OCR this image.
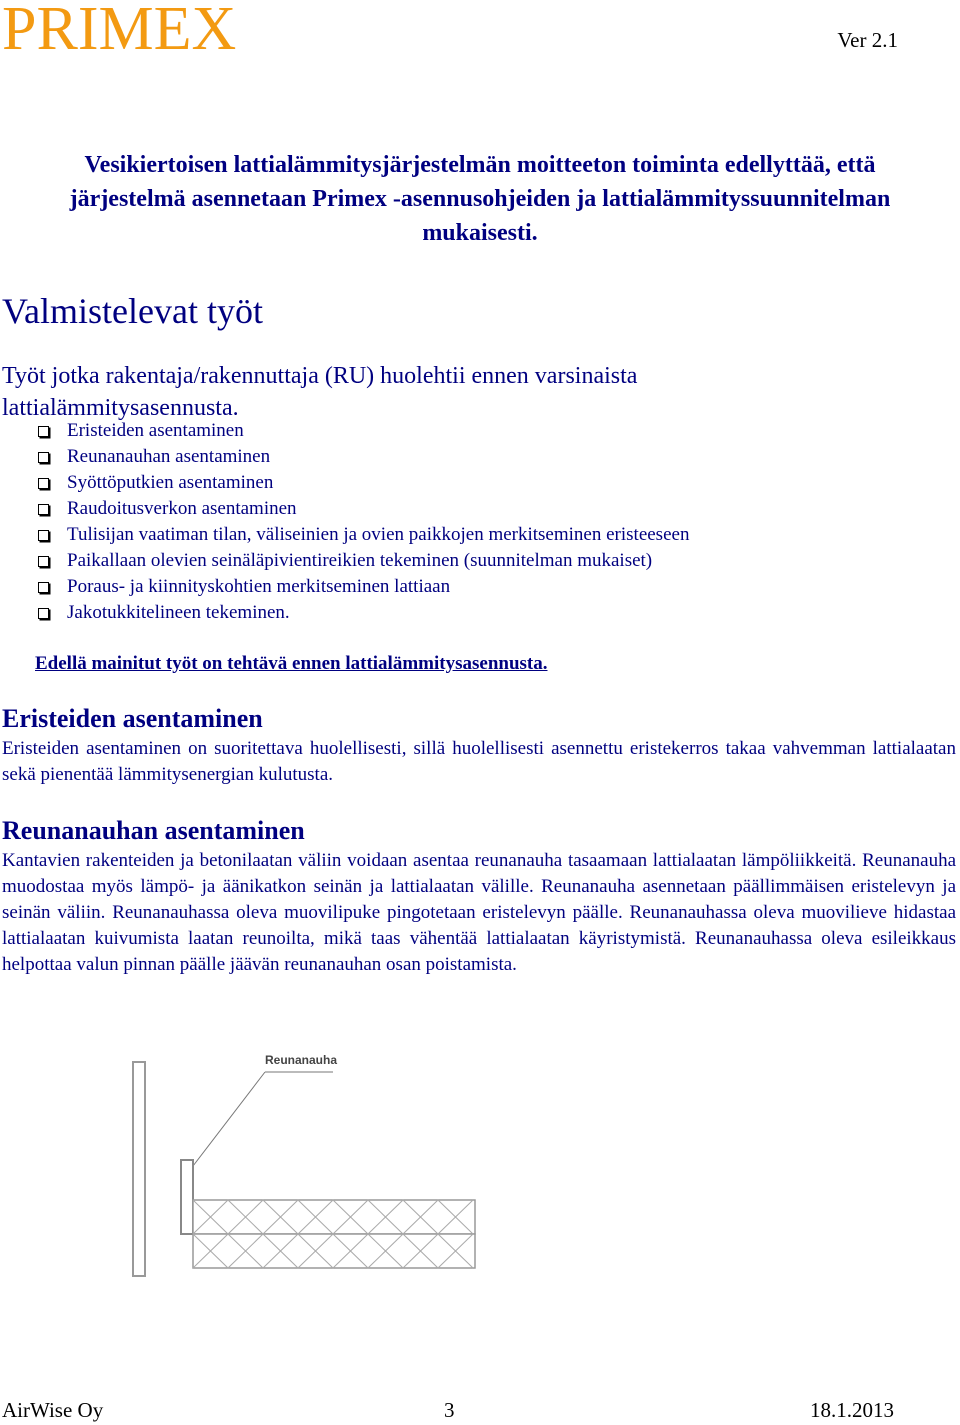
PRIMEX	Ver 2.1
Vesikiertoisen lattialämmitysjärjestelmän moitteeton toiminta edellyttää, että
järjestelmä asennetaan Primex -asennusohjeiden ja lattialämmityssuunnitelman
mukaisesti.
Valmistelevat työt
Työt jotka rakentaja/rakennuttaja (RU) huolehtii ennen varsinaista
lattialämmitysasennusta.
Eristeiden asentaminen
Reunanauhan asentaminen
Syöttöputkien asentaminen
Raudoitusverkon asentaminen
Tulisijan vaatiman tilan, väliseinien ja ovien paikkojen merkitseminen eristeeseen
Paikallaan olevien seinäläpivientireikien tekeminen (suunnitelman mukaiset)
Poraus- ja kiinnityskohtien merkitseminen lattiaan
Jakotukkitelineen tekeminen.
Edellä mainitut työt on tehtävä ennen lattialämmitysasennusta.
Eristeiden asentaminen
Eristeiden asentaminen on suoritettava huolellisesti, sillä huolellisesti asennettu eristekerros takaa vahvemman lattialaatan sekä pienentää lämmitysenergian kulutusta.
Reunanauhan asentaminen
Kantavien rakenteiden ja betonilaatan väliin voidaan asentaa reunanauha tasaamaan lattialaatan lämpöliikkeitä. Reunanauha muodostaa myös lämpö- ja äänikatkon seinän ja lattialaatan välille. Reunanauha asennetaan päällimmäisen eristelevyn ja seinän väliin. Reunanauhassa oleva muovilipuke pingotetaan eristelevyn päälle. Reunanauhassa oleva muovilieve hidastaa lattialaatan kuivumista laatan reunoilta, mikä taas vähentää lattialaatan käyristymistä. Reunanauhassa oleva esileikkaus helpottaa valun pinnan päälle jäävän reunanauhan osan poistamista.
Reunanauha
AirWise Oy	3	18.1.2013
